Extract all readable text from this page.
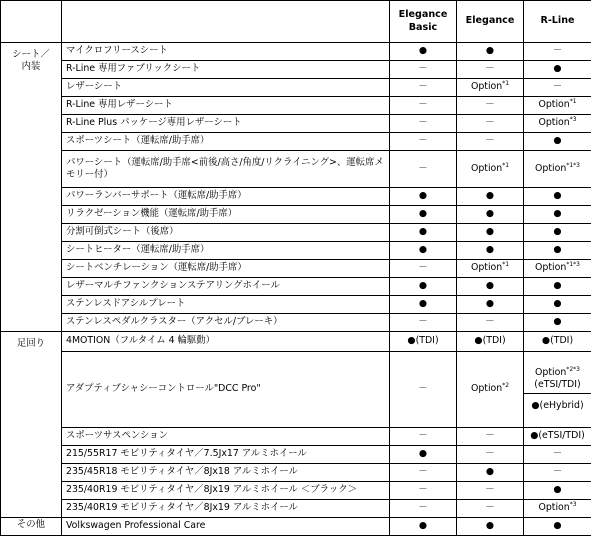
		Elegance
Basic	Elegance	R-Line
シート／
内装	マイクロフリースシート	●	●	－
	R-Line 専用ファブリックシート	－	－	●
	レザーシート	－	Option$^{*1}$	－
	R-Line 専用レザーシート	－	－	Option$^{*1}$
	R-Line Plus パッケージ専用レザーシート	－	－	Option$^{*3}$
	スポーツシート（運転席/助手席）	－	－	●
	パワーシート（運転席/助手席<前後/高さ/角度/リクライニング>、運転席メモリー付）	－	Option$^{*1}$	Option$^{*1*3}$
	パワーランバーサポート（運転席/助手席）	●	●	●
	リラクゼーション機能（運転席/助手席）	●	●	●
	分割可倒式シート（後席）	●	●	●
	シートヒーター（運転席/助手席）	●	●	●
	シートベンチレーション（運転席/助手席）	－	Option$^{*1}$	Option$^{*1*3}$
	レザーマルチファンクションステアリングホイール	●	●	●
	ステンレスドアシルプレート	●	●	●
	ステンレスペダルクラスター（アクセル/ブレーキ）	－	－	●
足回り	4MOTION（フルタイム 4 輪駆動）	●(TDI)	●(TDI)	●(TDI)
	アダプティブシャシーコントロール"DCC Pro"	－	Option$^{*2}$	Option$^{*2*3}$
(eTSI/TDI)
●(eHybrid)

	スポーツサスペンション	－	－	●(eTSI/TDI)
	215/55R17 モビリティタイヤ／7.5Jx17 アルミホイール	●	－	－
	235/45R18 モビリティタイヤ／8Jx18 アルミホイール	－	●	－
	235/40R19 モビリティタイヤ／8Jx19 アルミホイール ＜ブラック＞	－	－	●
	235/40R19 モビリティタイヤ／8Jx19 アルミホイール	－	－	Option$^{*3}$
その他	Volkswagen Professional Care	●	●	●
